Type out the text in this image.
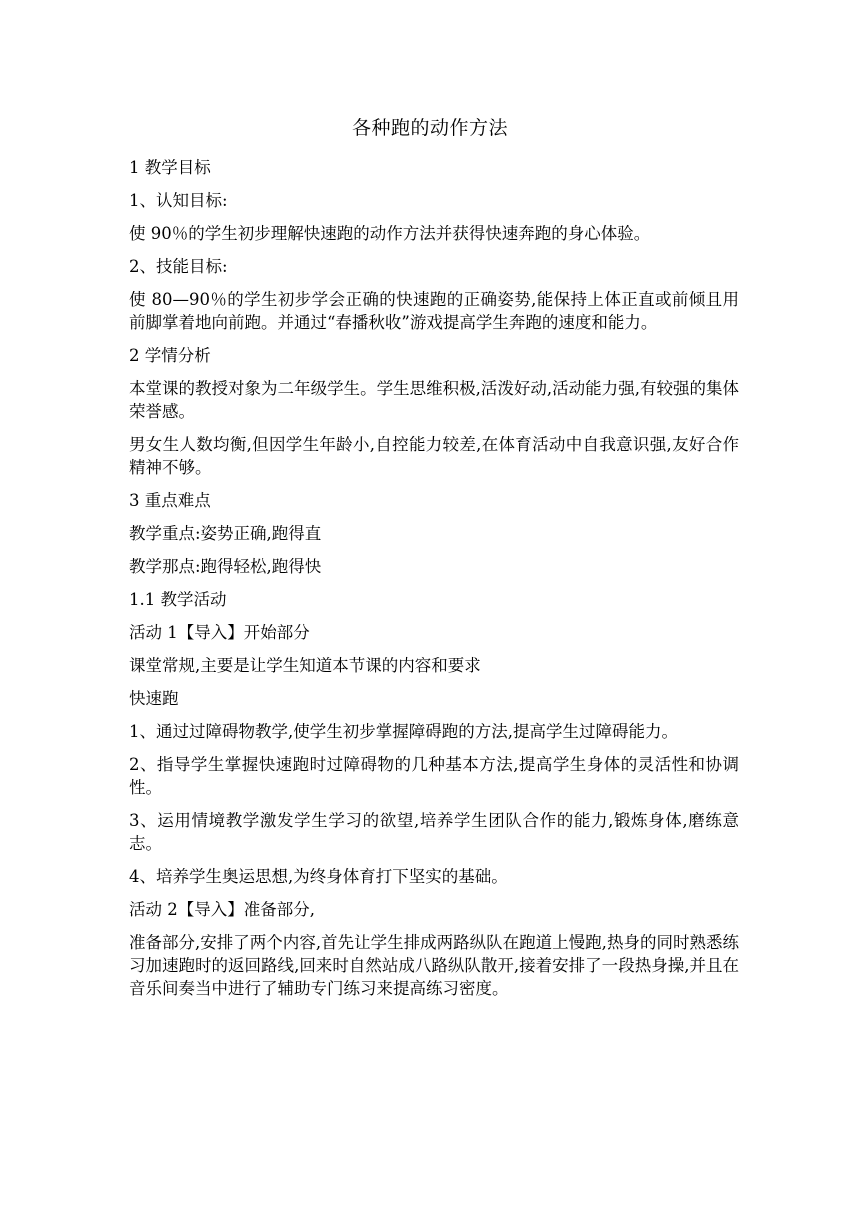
各种跑的动作方法

1 教学目标

1、认知目标:

使 90％的学生初步理解快速跑的动作方法并获得快速奔跑的身心体验。

2、技能目标:

使 80—90％的学生初步学会正确的快速跑的正确姿势,能保持上体正直或前倾且用前脚掌着地向前跑。并通过“春播秋收”游戏提高学生奔跑的速度和能力。

2 学情分析

本堂课的教授对象为二年级学生。学生思维积极,活泼好动,活动能力强,有较强的集体荣誉感。

男女生人数均衡,但因学生年龄小,自控能力较差,在体育活动中自我意识强,友好合作精神不够。

3 重点难点

教学重点:姿势正确,跑得直

教学那点:跑得轻松,跑得快

1.1 教学活动

活动 1【导入】开始部分

课堂常规,主要是让学生知道本节课的内容和要求

快速跑

1、通过过障碍物教学,使学生初步掌握障碍跑的方法,提高学生过障碍能力。

2、指导学生掌握快速跑时过障碍物的几种基本方法,提高学生身体的灵活性和协调性。

3、运用情境教学激发学生学习的欲望,培养学生团队合作的能力,锻炼身体,磨练意志。

4、培养学生奥运思想,为终身体育打下坚实的基础。

活动 2【导入】准备部分,

准备部分,安排了两个内容,首先让学生排成两路纵队在跑道上慢跑,热身的同时熟悉练习加速跑时的返回路线,回来时自然站成八路纵队散开,接着安排了一段热身操,并且在音乐间奏当中进行了辅助专门练习来提高练习密度。
